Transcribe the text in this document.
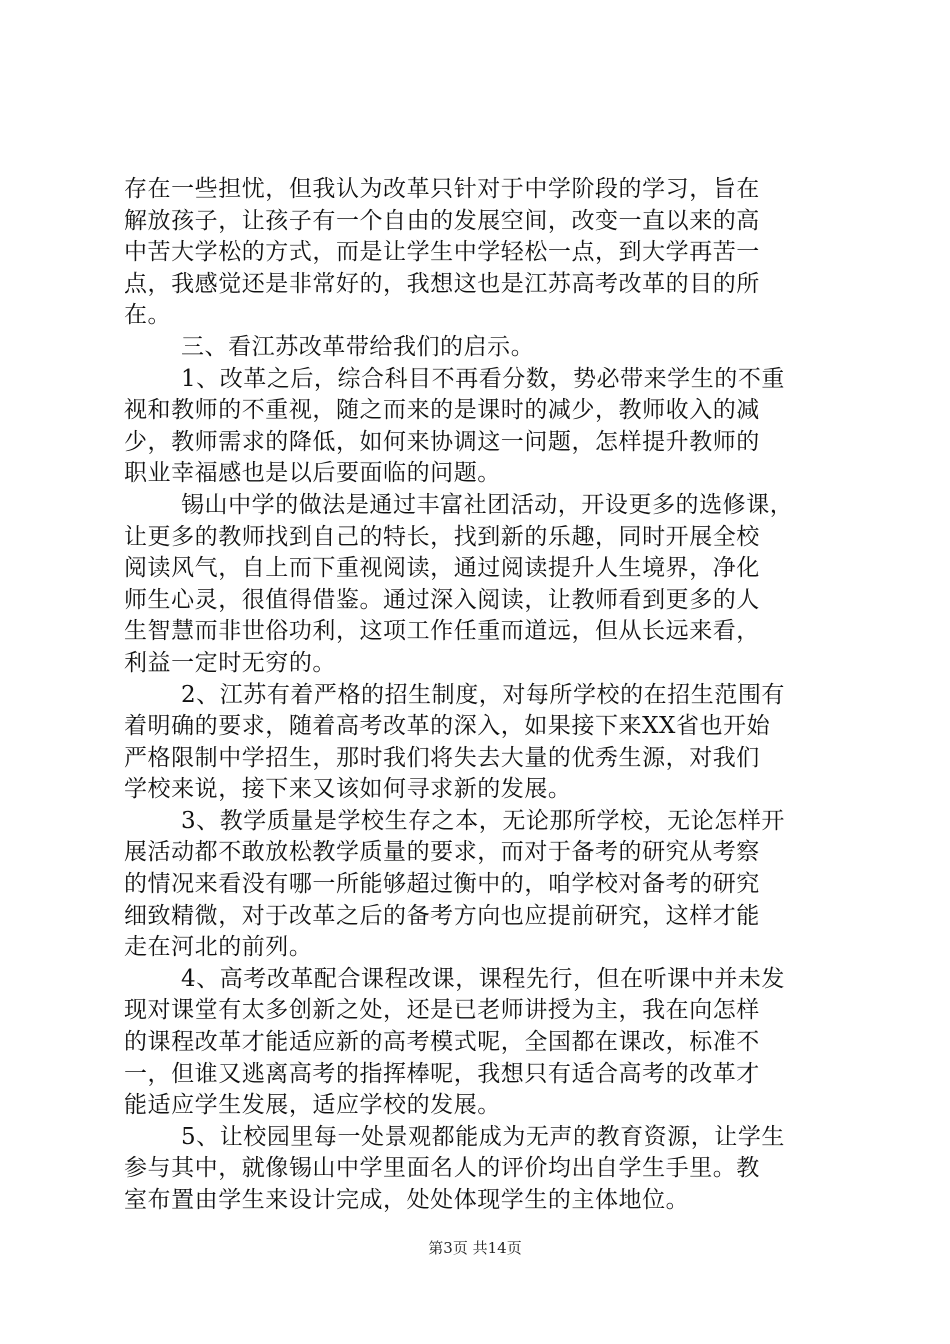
存在一些担忧，但我认为改革只针对于中学阶段的学习，旨在
解放孩子，让孩子有一个自由的发展空间，改变一直以来的高
中苦大学松的方式，而是让学生中学轻松一点，到大学再苦一
点，我感觉还是非常好的，我想这也是江苏高考改革的目的所
在。
三、看江苏改革带给我们的启示。
1、改革之后，综合科目不再看分数，势必带来学生的不重
视和教师的不重视，随之而来的是课时的减少，教师收入的减
少，教师需求的降低，如何来协调这一问题，怎样提升教师的
职业幸福感也是以后要面临的问题。
锡山中学的做法是通过丰富社团活动，开设更多的选修课，
让更多的教师找到自己的特长，找到新的乐趣，同时开展全校
阅读风气，自上而下重视阅读，通过阅读提升人生境界，净化
师生心灵，很值得借鉴。通过深入阅读，让教师看到更多的人
生智慧而非世俗功利，这项工作任重而道远，但从长远来看，
利益一定时无穷的。
2、江苏有着严格的招生制度，对每所学校的在招生范围有
着明确的要求，随着高考改革的深入，如果接下来XX省也开始
严格限制中学招生，那时我们将失去大量的优秀生源，对我们
学校来说，接下来又该如何寻求新的发展。
3、教学质量是学校生存之本，无论那所学校，无论怎样开
展活动都不敢放松教学质量的要求，而对于备考的研究从考察
的情况来看没有哪一所能够超过衡中的，咱学校对备考的研究
细致精微，对于改革之后的备考方向也应提前研究，这样才能
走在河北的前列。
4、高考改革配合课程改课，课程先行，但在听课中并未发
现对课堂有太多创新之处，还是已老师讲授为主，我在向怎样
的课程改革才能适应新的高考模式呢，全国都在课改，标准不
一，但谁又逃离高考的指挥棒呢，我想只有适合高考的改革才
能适应学生发展，适应学校的发展。
5、让校园里每一处景观都能成为无声的教育资源，让学生
参与其中，就像锡山中学里面名人的评价均出自学生手里。教
室布置由学生来设计完成，处处体现学生的主体地位。
第3页 共14页
